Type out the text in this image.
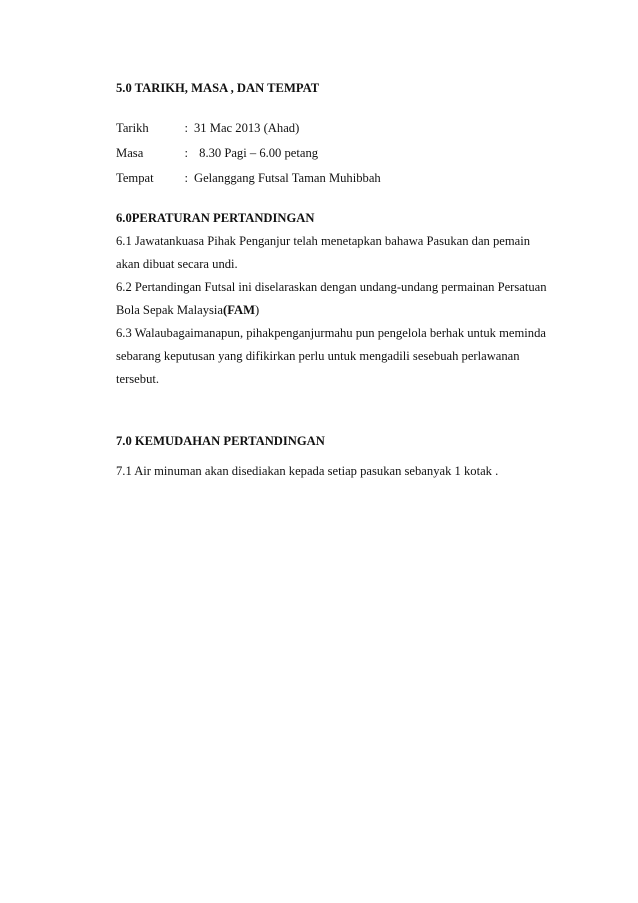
5.0 TARIKH, MASA , DAN TEMPAT
Tarikh	: 31 Mac 2013 (Ahad)
Masa	: 8.30 Pagi – 6.00 petang
Tempat : Gelanggang Futsal Taman Muhibbah
6.0PERATURAN PERTANDINGAN
6.1 Jawatankuasa Pihak Penganjur telah menetapkan bahawa Pasukan dan pemain
akan dibuat secara undi.
6.2 Pertandingan Futsal ini diselaraskan dengan undang-undang permainan Persatuan
Bola Sepak Malaysia(FAM)
6.3 Walaubagaimanapun, pihakpenganjurmahu pun pengelola berhak untuk meminda
sebarang keputusan yang difikirkan perlu untuk mengadili sesebuah perlawanan
tersebut.
7.0 KEMUDAHAN PERTANDINGAN
7.1 Air minuman akan disediakan kepada setiap pasukan sebanyak 1 kotak .
